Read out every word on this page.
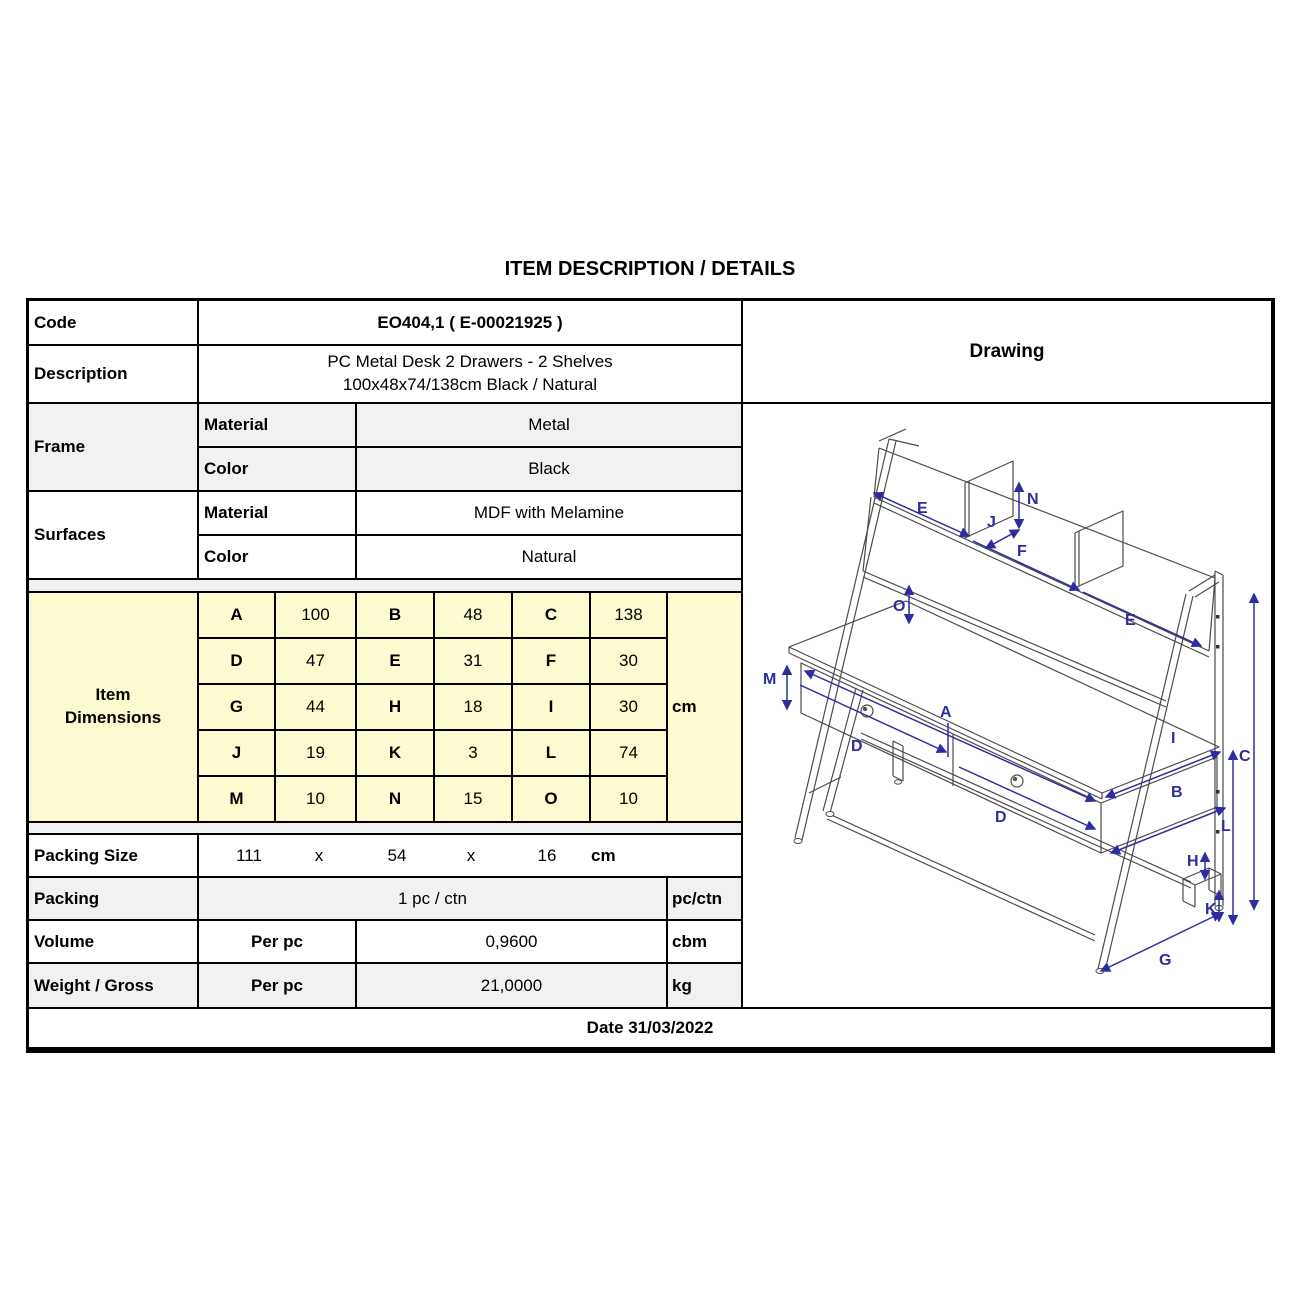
ITEM DESCRIPTION / DETAILS
Code	EO404,1 ( E-00021925 )
Drawing
Description
PC Metal Desk 2 Drawers - 2 Shelves
100x48x74/138cm Black / Natural
Frame
Material	Metal
Color	Black
Surfaces
Material	MDF with Melamine
Color	Natural
Item
Dimensions
A	100	B	48	C	138
D	47	E	31	F	30
G	44	H	18	I	30
J	19	K	3	L	74
M	10	N	15	O	10
cm
Packing Size	111	x	54	x	16	cm
Packing	1 pc / ctn	pc/ctn
Volume	Per pc	0,9600	cbm
Weight / Gross	Per pc	21,0000	kg
Date 31/03/2022
E
N
J
F
O
E
M
A
D
D
I
B
C
L
H
K
G
